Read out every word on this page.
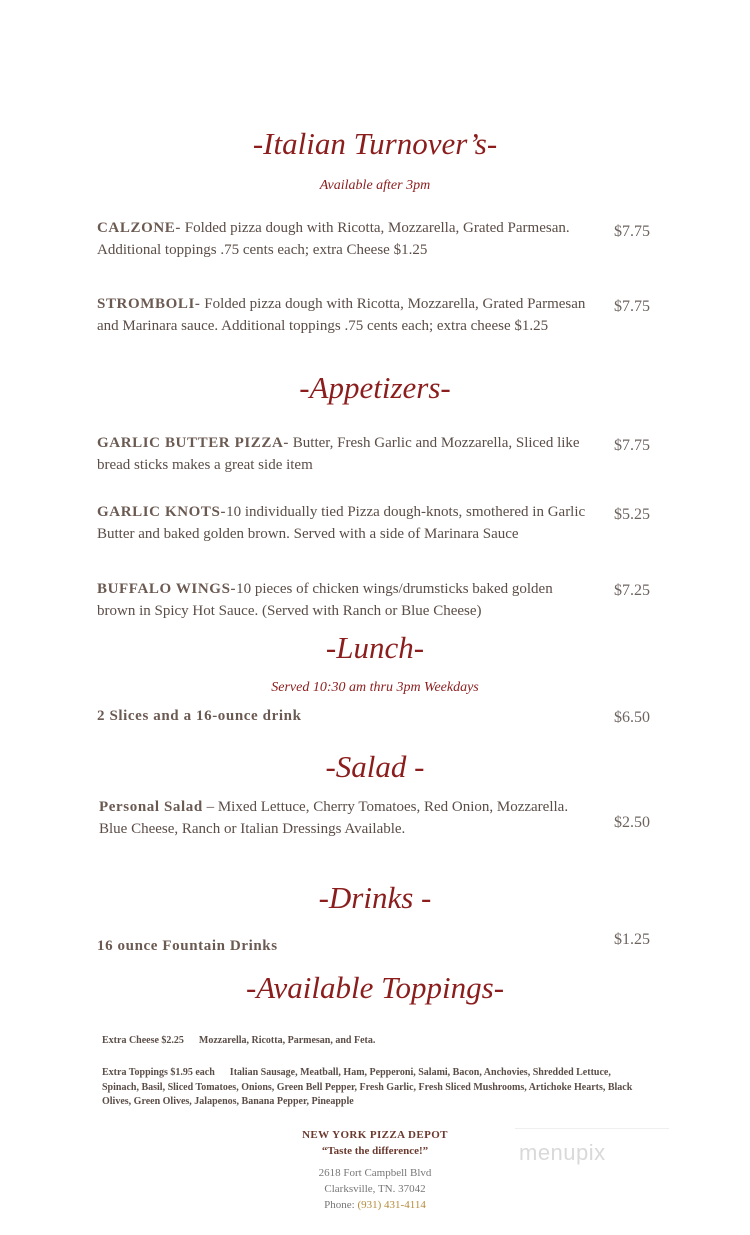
-Italian Turnover’s-
Available after 3pm
CALZONE- Folded pizza dough with Ricotta, Mozzarella, Grated Parmesan. Additional toppings .75 cents each; extra Cheese $1.25
$7.75
STROMBOLI- Folded pizza dough with Ricotta, Mozzarella, Grated Parmesan and Marinara sauce. Additional toppings .75 cents each; extra cheese $1.25
$7.75
-Appetizers-
GARLIC BUTTER PIZZA- Butter, Fresh Garlic and Mozzarella, Sliced like bread sticks makes a great side item
$7.75
GARLIC KNOTS-10 individually tied Pizza dough-knots, smothered in Garlic Butter and baked golden brown. Served with a side of Marinara Sauce
$5.25
BUFFALO WINGS-10 pieces of chicken wings/drumsticks baked golden brown in Spicy Hot Sauce. (Served with Ranch or Blue Cheese)
$7.25
-Lunch-
Served 10:30 am thru 3pm Weekdays
2 Slices and a 16-ounce drink	$6.50
-Salad -
Personal Salad – Mixed Lettuce, Cherry Tomatoes, Red Onion, Mozzarella. Blue Cheese, Ranch or Italian Dressings Available.	$2.50
-Drinks -
16 ounce Fountain Drinks	$1.25
-Available Toppings-
Extra Cheese $2.25      Mozzarella, Ricotta, Parmesan, and Feta.
Extra Toppings $1.95 each      Italian Sausage, Meatball, Ham, Pepperoni, Salami, Bacon, Anchovies, Shredded Lettuce, Spinach, Basil, Sliced Tomatoes, Onions, Green Bell Pepper, Fresh Garlic, Fresh Sliced Mushrooms, Artichoke Hearts, Black Olives, Green Olives, Jalapenos, Banana Pepper, Pineapple
NEW YORK PIZZA DEPOT
“Taste the difference!”
2618 Fort Campbell Blvd
Clarksville, TN. 37042
Phone: (931) 431-4114
menupix
